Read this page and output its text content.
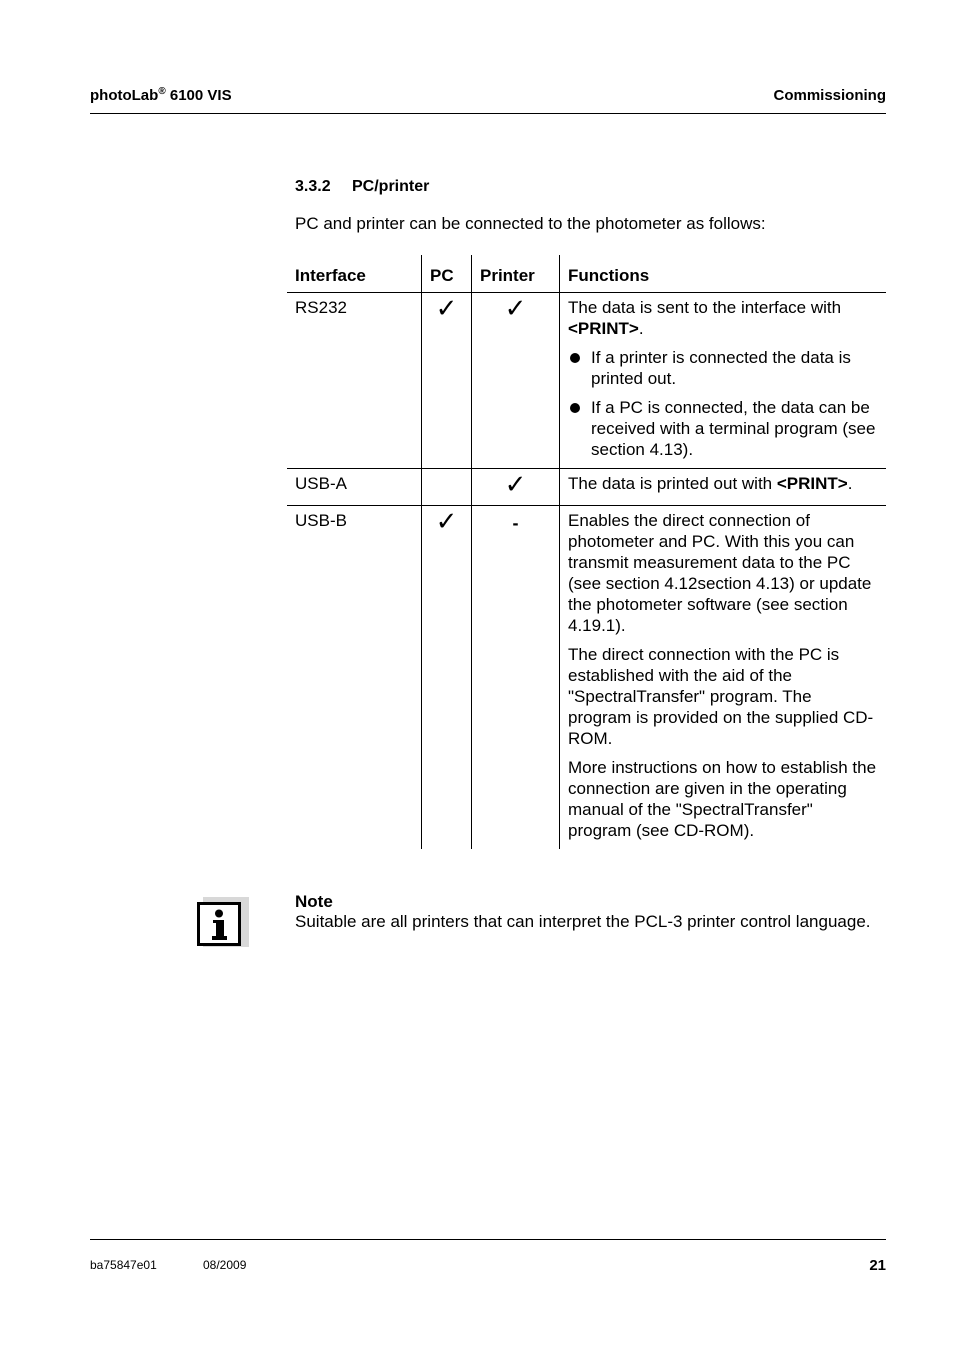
photoLab® 6100 VIS	Commissioning
3.3.2 PC/printer
PC and printer can be connected to the photometer as follows:
Interface	PC	Printer	Functions
RS232	✓	✓	The data is sent to the interface with <PRINT>.

If a printer is connected the data is printed out.

If a PC is connected, the data can be received with a terminal program (see section 4.13).

USB-A		✓	The data is printed out with <PRINT>.

USB-B	✓	-	Enables the direct connection of photometer and PC. With this you can transmit measurement data to the PC (see section 4.12section 4.13) or update the photometer software (see section 4.19.1).

The direct connection with the PC is established with the aid of the "SpectralTransfer" program. The program is provided on the supplied CD-ROM.

More instructions on how to establish the connection are given in the operating manual of the "SpectralTransfer" program (see CD-ROM).

Note
Suitable are all printers that can interpret the PCL-3 printer control language.
ba75847e01	08/2009	21
